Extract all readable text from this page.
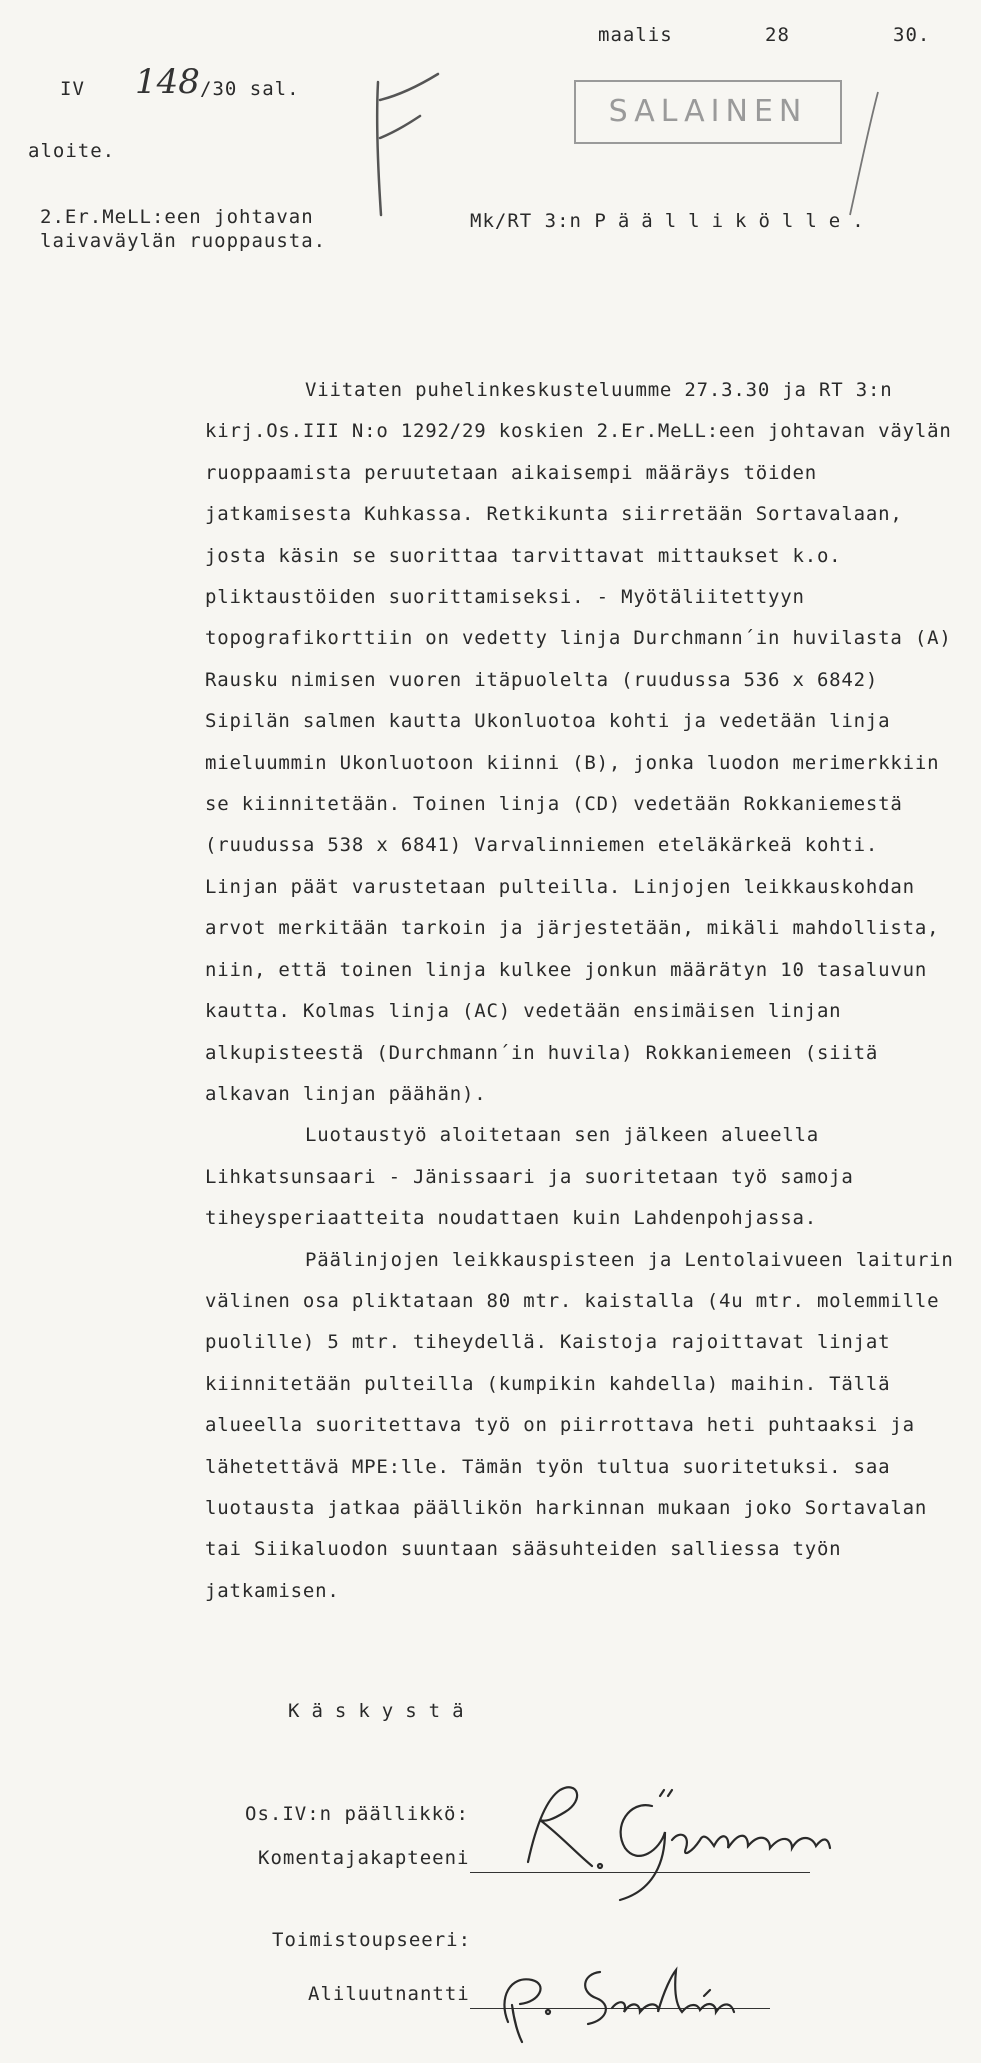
maalis	28	30.
IV 148 /30 sal.
SALAINEN
aloite.
2.Er.MeLL:een johtavan
laivaväylän ruoppausta.
Mk/RT 3:n Päällikölle.

Viitaten puhelinkeskusteluumme 27.3.30 ja RT 3:n kirj.Os.III N:o 1292/29 koskien 2.Er.MeLL:een johtavan väylän ruoppaamista peruutetaan aikaisempi määräys töiden jatkamisesta Kuhkassa. Retkikunta siirretään Sortavalaan, josta käsin se suorittaa tarvittavat mittaukset k.o. pliktaustöiden suorittamiseksi. - Myötäliitettyyn topografikorttiin on vedetty linja Durchmann´in huvilasta (A) Rausku nimisen vuoren itäpuolelta (ruudussa 536 x 6842) Sipilän salmen kautta Ukonluotoa kohti ja vedetään linja mieluummin Ukonluotoon kiinni (B), jonka luodon merimerkkiin se kiinnitetään. Toinen linja (CD) vedetään Rokkaniemestä (ruudussa 538 x 6841) Varvalinniemen eteläkärkeä kohti. Linjan päät varustetaan pulteilla. Linjojen leikkauskohdan arvot merkitään tarkoin ja järjestetään, mikäli mahdollista, niin, että toinen linja kulkee jonkun määrätyn 10 tasaluvun kautta. Kolmas linja (AC) vedetään ensimäisen linjan alkupisteestä (Durchmann´in huvila) Rokkaniemeen (siitä alkavan linjan päähän).

Luotaustyö aloitetaan sen jälkeen alueella Lihkatsunsaari - Jänissaari ja suoritetaan työ samoja tiheysperiaatteita noudattaen kuin Lahdenpohjassa.

Päälinjojen leikkauspisteen ja Lentolaivueen laiturin välinen osa pliktataan 80 mtr. kaistalla (4u mtr. molemmille puolille) 5 mtr. tiheydellä. Kaistoja rajoittavat linjat kiinnitetään pulteilla (kumpikin kahdella) maihin. Tällä alueella suoritettava työ on piirrottava heti puhtaaksi ja lähetettävä MPE:lle. Tämän työn tultua suoritetuksi. saa luotausta jatkaa päällikön harkinnan mukaan joko Sortavalan tai Siikaluodon suuntaan sääsuhteiden salliessa työn jatkamisen.

Käskystä
Os.IV:n päällikkö:
Komentajakapteeni
Toimistoupseeri:
Aliluutnantti
